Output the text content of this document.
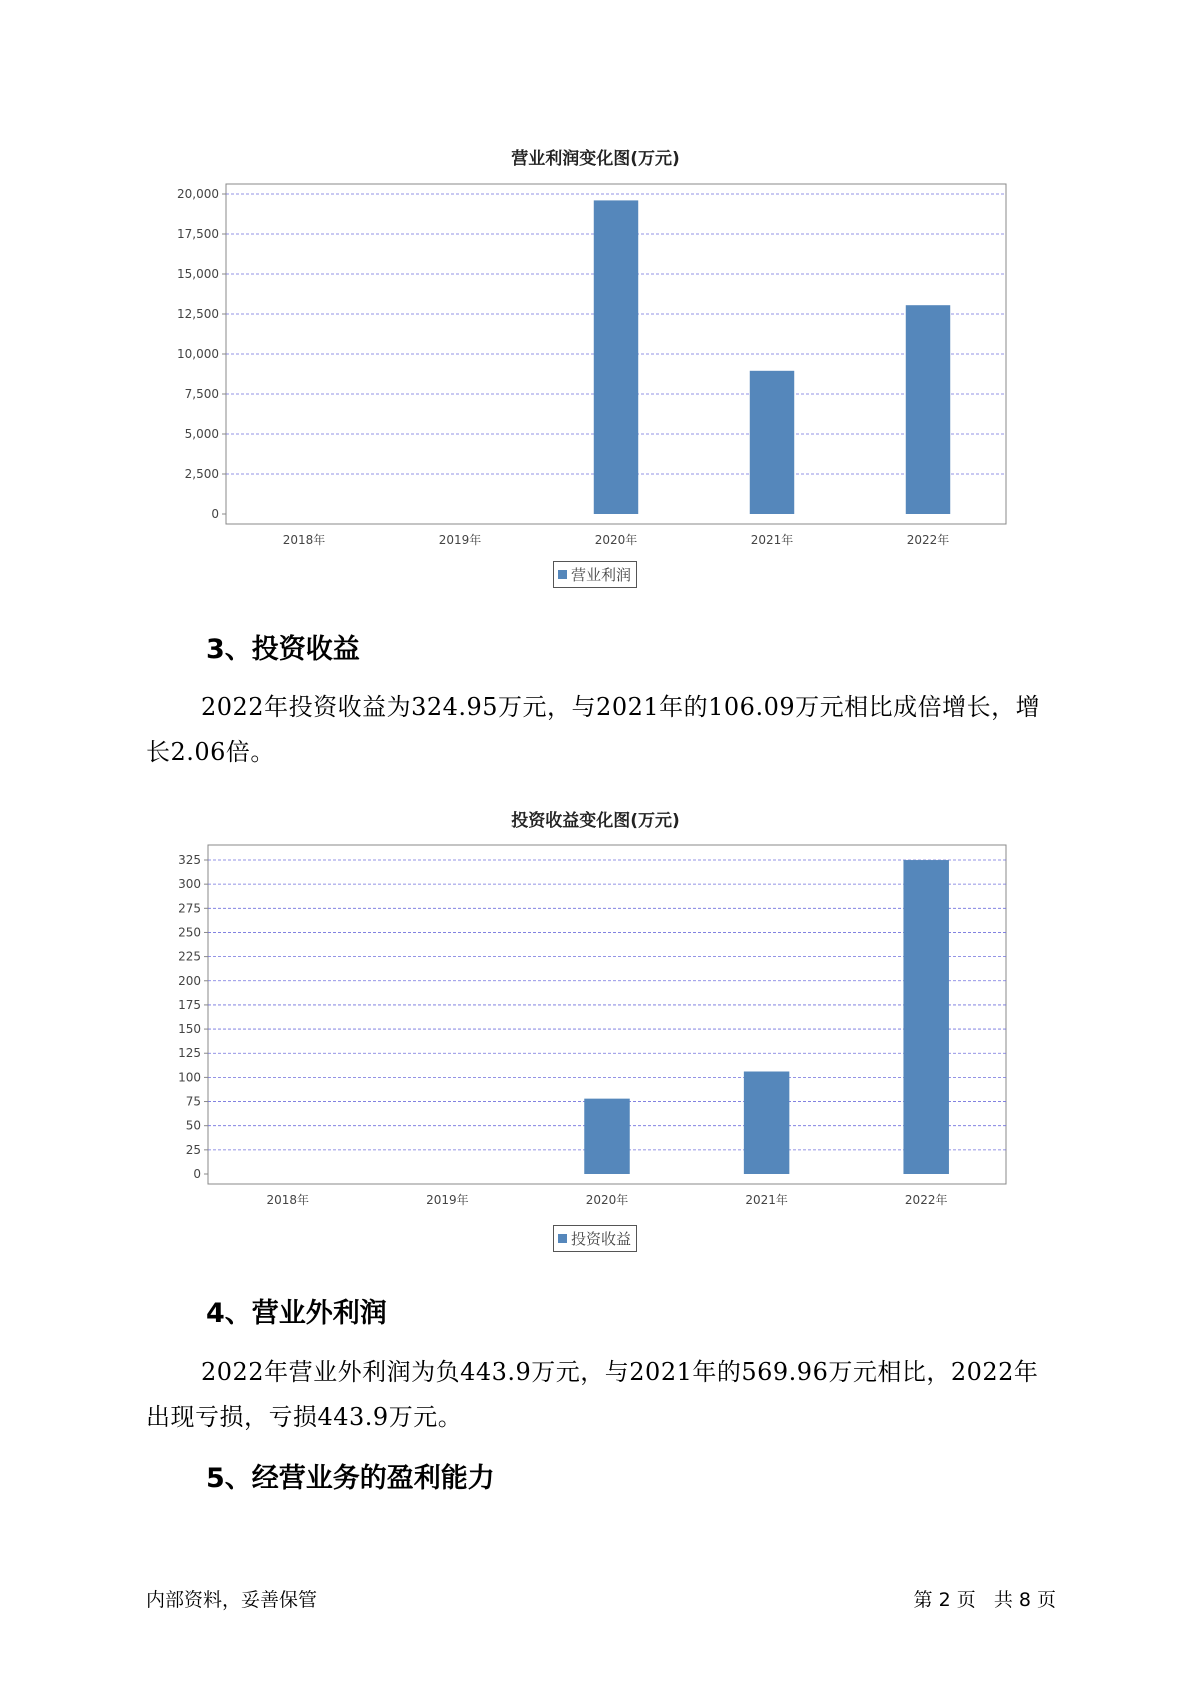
营业利润变化图(万元)
0
2,500
5,000
7,500
10,000
12,500
15,000
17,500
20,000
2018年	2019年	2020年	2021年	2022年
0
25
50
75
100
125
150
175
200
225
250
275
300
325
2018年	2019年	2020年	2021年	2022年
营业利润
3、投资收益
2022年投资收益为324.95万元，与2021年的106.09万元相比成倍增长，增长2.06倍。
投资收益变化图(万元)
投资收益
4、营业外利润
2022年营业外利润为负443.9万元，与2021年的569.96万元相比，2022年出现亏损，亏损443.9万元。
5、经营业务的盈利能力
内部资料，妥善保管	第 2 页   共 8 页
